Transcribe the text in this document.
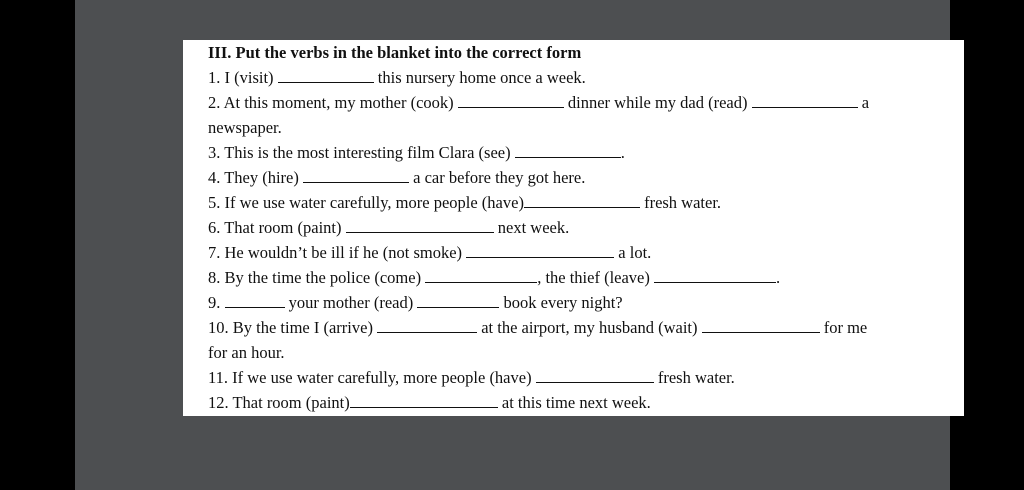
III. Put the verbs in the blanket into the correct form
1. I (visit)	this nursery home once a week.
2. At this moment, my mother (cook)	dinner while my dad (read)	a
newspaper.
3. This is the most interesting film Clara (see)	.
4. They (hire)	a car before they got here.
5. If we use water carefully, more people (have)	fresh water.
6. That room (paint)	next week.
7. He wouldn’t be ill if he (not smoke)	a lot.
8. By the time the police (come)	, the thief (leave)	.
9.	your mother (read)	book every night?
10. By the time I (arrive)	at the airport, my husband (wait)	for me
for an hour.
11. If we use water carefully, more people (have)	fresh water.
12. That room (paint)	at this time next week.
